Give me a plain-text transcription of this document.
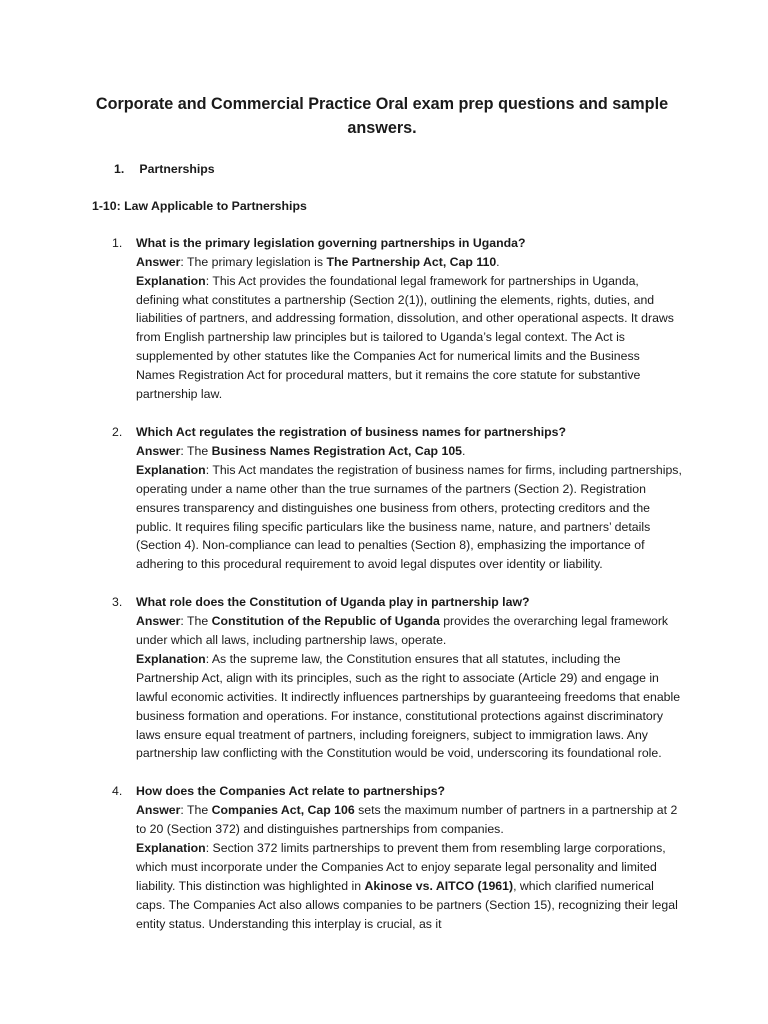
Corporate and Commercial Practice Oral exam prep questions and sample answers.
1. Partnerships
1-10: Law Applicable to Partnerships
1. What is the primary legislation governing partnerships in Uganda?

Answer: The primary legislation is The Partnership Act, Cap 110.

Explanation: This Act provides the foundational legal framework for partnerships in Uganda, defining what constitutes a partnership (Section 2(1)), outlining the elements, rights, duties, and liabilities of partners, and addressing formation, dissolution, and other operational aspects. It draws from English partnership law principles but is tailored to Uganda’s legal context. The Act is supplemented by other statutes like the Companies Act for numerical limits and the Business Names Registration Act for procedural matters, but it remains the core statute for substantive partnership law.

2. Which Act regulates the registration of business names for partnerships?

Answer: The Business Names Registration Act, Cap 105.

Explanation: This Act mandates the registration of business names for firms, including partnerships, operating under a name other than the true surnames of the partners (Section 2). Registration ensures transparency and distinguishes one business from others, protecting creditors and the public. It requires filing specific particulars like the business name, nature, and partners’ details (Section 4). Non-compliance can lead to penalties (Section 8), emphasizing the importance of adhering to this procedural requirement to avoid legal disputes over identity or liability.

3. What role does the Constitution of Uganda play in partnership law?

Answer: The Constitution of the Republic of Uganda provides the overarching legal framework under which all laws, including partnership laws, operate.

Explanation: As the supreme law, the Constitution ensures that all statutes, including the Partnership Act, align with its principles, such as the right to associate (Article 29) and engage in lawful economic activities. It indirectly influences partnerships by guaranteeing freedoms that enable business formation and operations. For instance, constitutional protections against discriminatory laws ensure equal treatment of partners, including foreigners, subject to immigration laws. Any partnership law conflicting with the Constitution would be void, underscoring its foundational role.

4. How does the Companies Act relate to partnerships?

Answer: The Companies Act, Cap 106 sets the maximum number of partners in a partnership at 2 to 20 (Section 372) and distinguishes partnerships from companies.

Explanation: Section 372 limits partnerships to prevent them from resembling large corporations, which must incorporate under the Companies Act to enjoy separate legal personality and limited liability. This distinction was highlighted in Akinose vs. AITCO (1961), which clarified numerical caps. The Companies Act also allows companies to be partners (Section 15), recognizing their legal entity status. Understanding this interplay is crucial, as it
